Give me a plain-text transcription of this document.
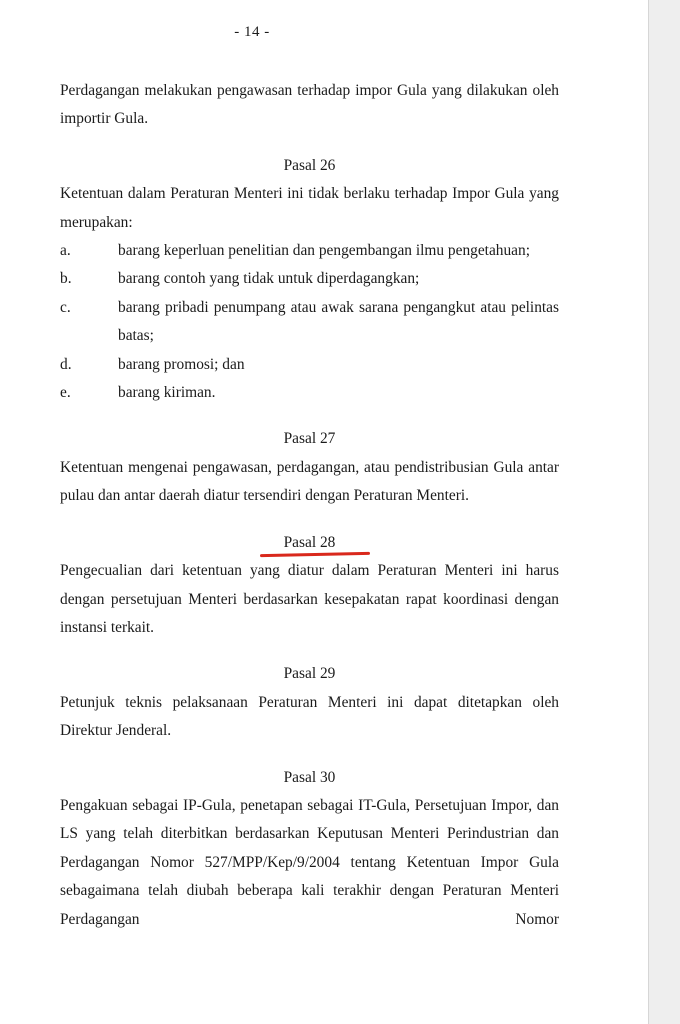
- 14 -

Perdagangan melakukan pengawasan terhadap impor Gula yang dilakukan oleh importir Gula.

Pasal 26

Ketentuan dalam Peraturan Menteri ini tidak berlaku terhadap Impor Gula yang merupakan:

a.	barang keperluan penelitian dan pengembangan ilmu pengetahuan;
b.	barang contoh yang tidak untuk diperdagangkan;
c.	barang pribadi penumpang atau awak sarana pengangkut atau pelintas batas;
d.	barang promosi; dan
e.	barang kiriman.
Pasal 27

Ketentuan mengenai pengawasan, perdagangan, atau pendistribusian Gula antar pulau dan antar daerah diatur tersendiri dengan Peraturan Menteri.

Pasal 28

Pengecualian dari ketentuan yang diatur dalam Peraturan Menteri ini harus dengan persetujuan Menteri berdasarkan kesepakatan rapat koordinasi dengan instansi terkait.

Pasal 29

Petunjuk teknis pelaksanaan Peraturan Menteri ini dapat ditetapkan oleh Direktur Jenderal.

Pasal 30

Pengakuan sebagai IP-Gula, penetapan sebagai IT-Gula, Persetujuan Impor, dan LS yang telah diterbitkan berdasarkan Keputusan Menteri Perindustrian dan Perdagangan Nomor 527/MPP/Kep/9/2004 tentang Ketentuan Impor Gula sebagaimana telah diubah beberapa kali terakhir dengan Peraturan Menteri Perdagangan Nomor
